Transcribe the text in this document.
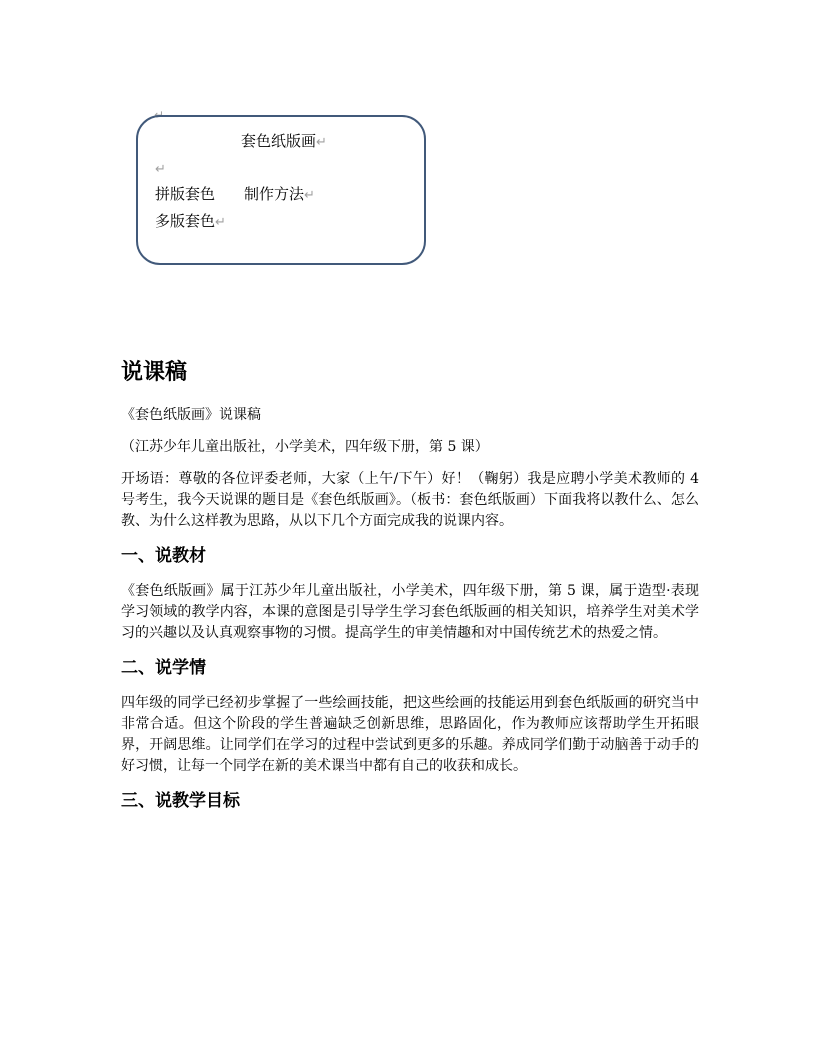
↵
套色纸版画↵
↵
拼版套色 制作方法↵
多版套色↵
说课稿
《套色纸版画》说课稿
（江苏少年儿童出版社，小学美术，四年级下册，第 5 课）
开场语：尊敬的各位评委老师，大家（上午/下午）好！（鞠躬）我是应聘小学美术教师的 4 号考生，我今天说课的题目是《套色纸版画》。（板书：套色纸版画）下面我将以教什么、怎么教、为什么这样教为思路，从以下几个方面完成我的说课内容。
一、说教材
《套色纸版画》属于江苏少年儿童出版社，小学美术，四年级下册，第 5 课，属于造型·表现学习领域的教学内容，本课的意图是引导学生学习套色纸版画的相关知识，培养学生对美术学习的兴趣以及认真观察事物的习惯。提高学生的审美情趣和对中国传统艺术的热爱之情。
二、说学情
四年级的同学已经初步掌握了一些绘画技能，把这些绘画的技能运用到套色纸版画的研究当中非常合适。但这个阶段的学生普遍缺乏创新思维，思路固化，作为教师应该帮助学生开拓眼界，开阔思维。让同学们在学习的过程中尝试到更多的乐趣。养成同学们勤于动脑善于动手的好习惯，让每一个同学在新的美术课当中都有自己的收获和成长。
三、说教学目标
